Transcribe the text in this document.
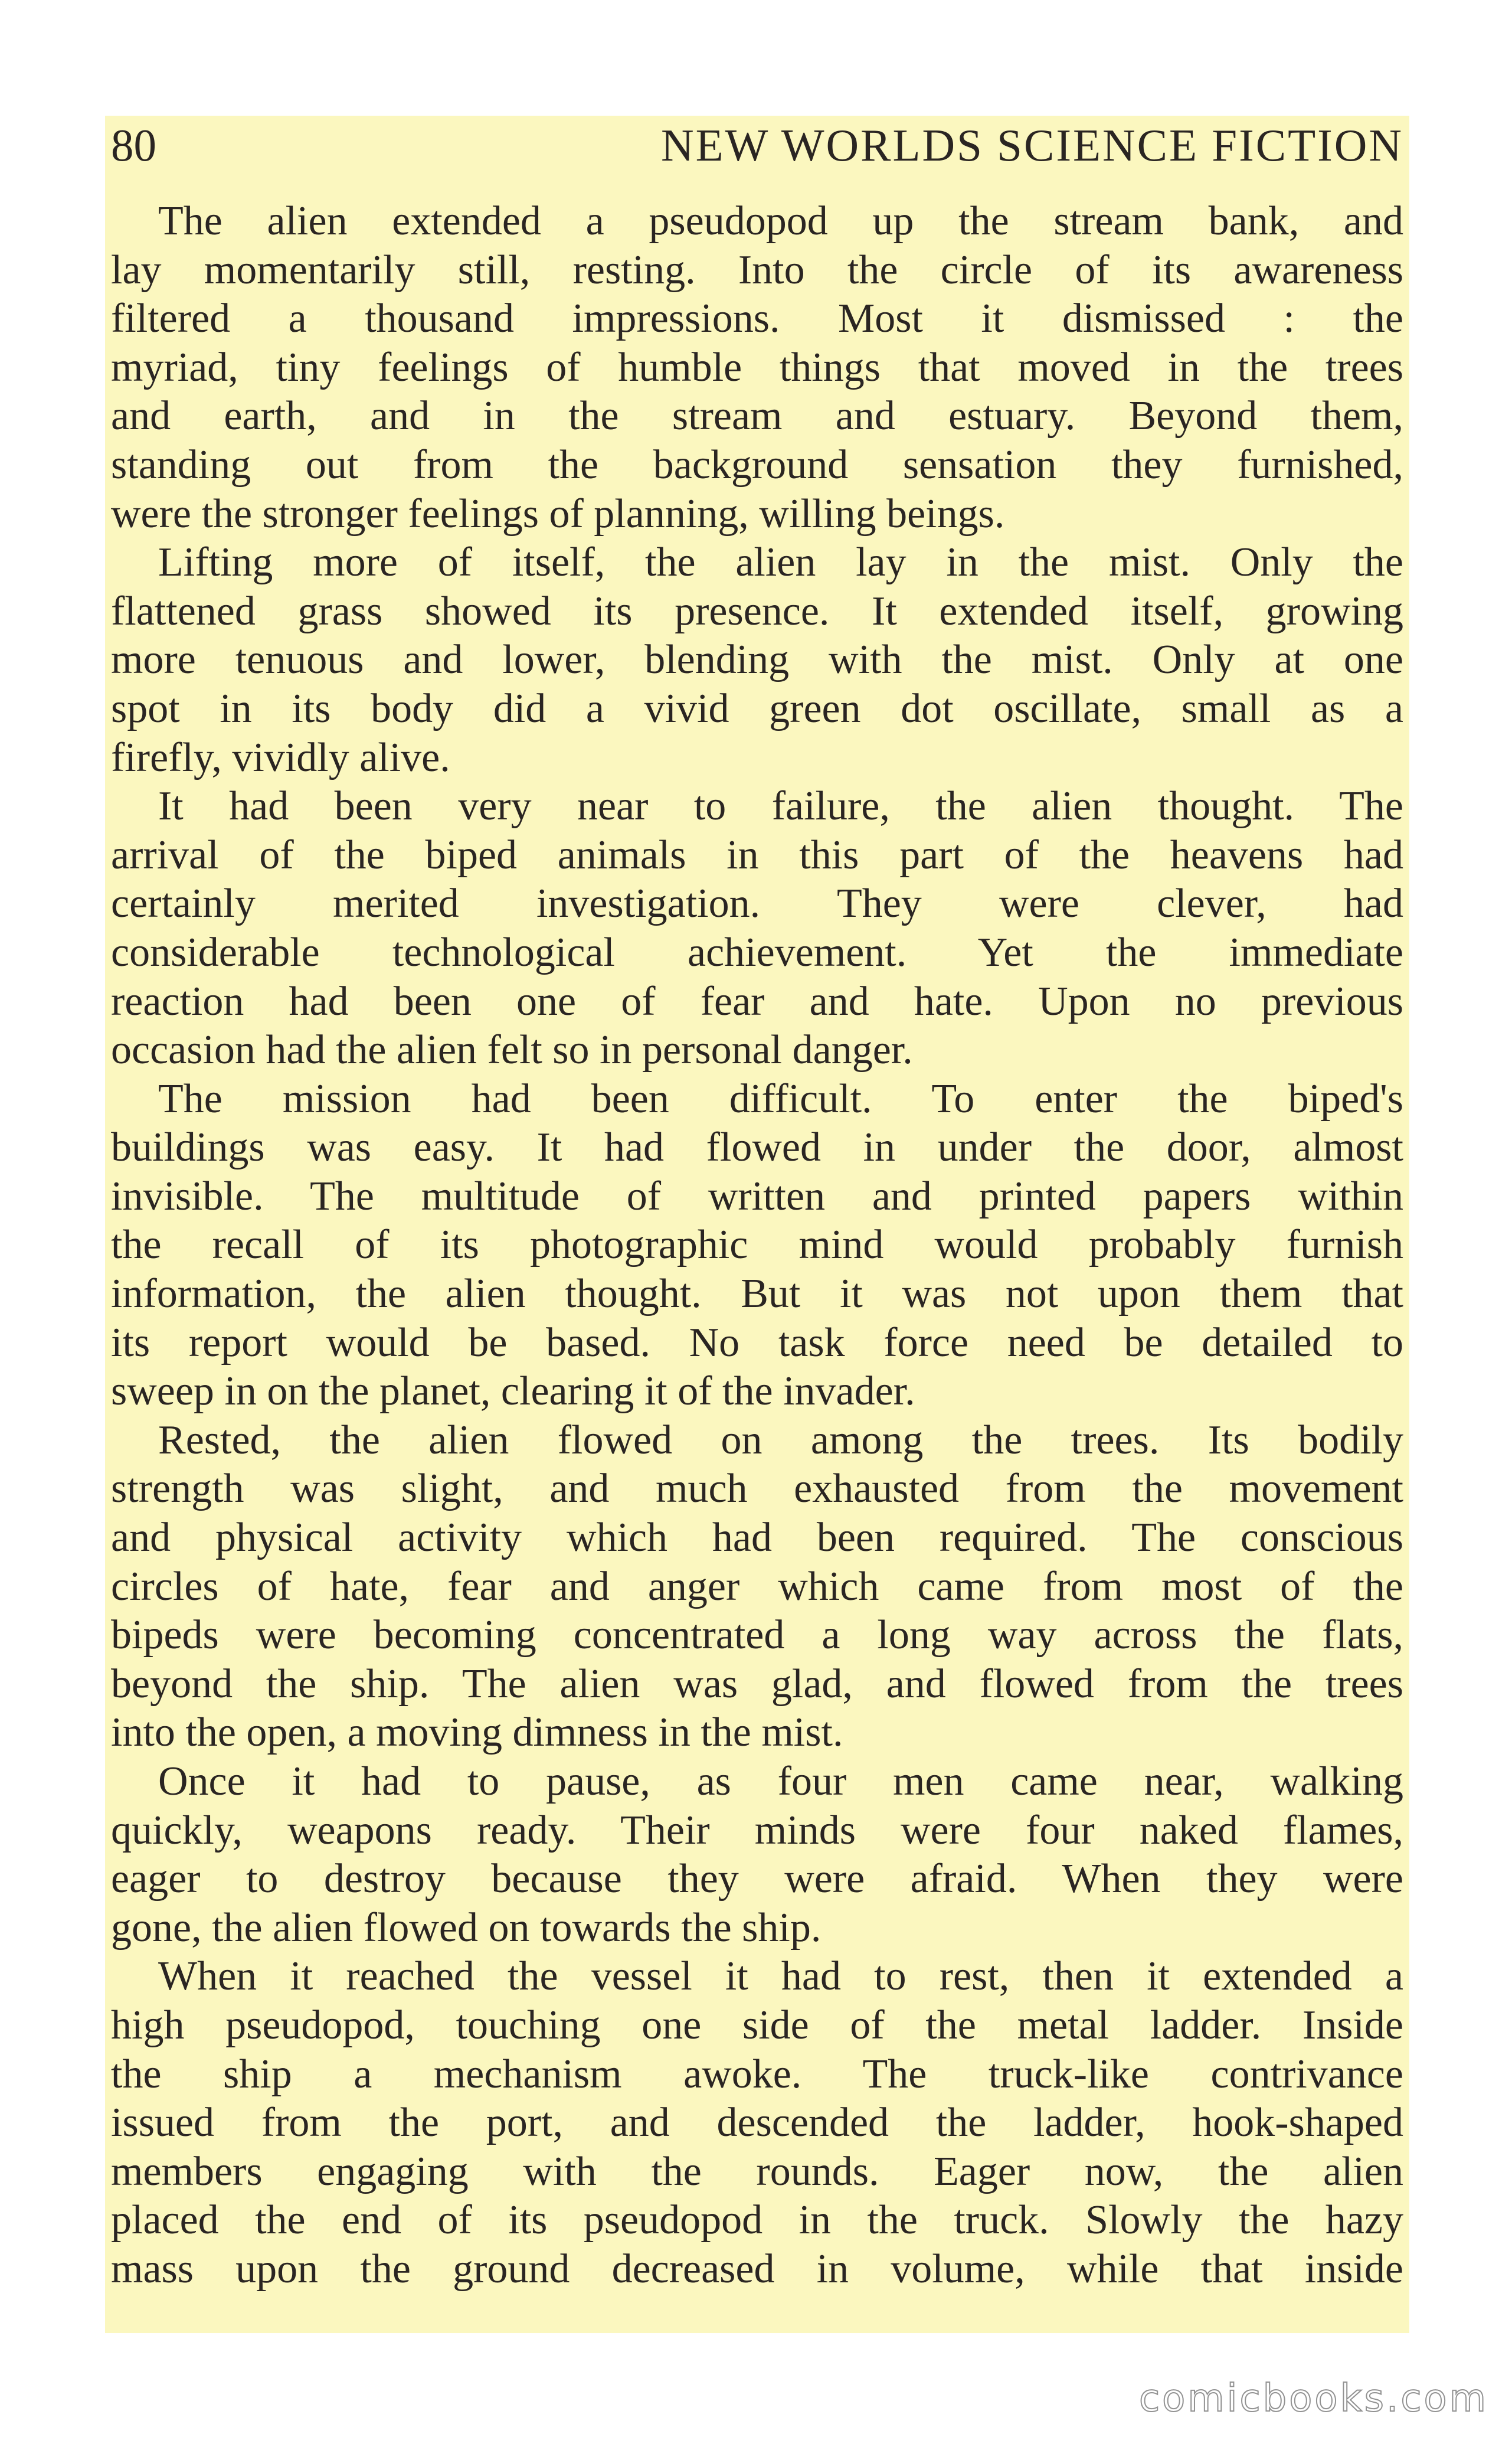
80	NEW WORLDS SCIENCE FICTION
The alien extended a pseudopod up the stream bank, and
lay momentarily still, resting. Into the circle of its awareness
filtered a thousand impressions. Most it dismissed : the
myriad, tiny feelings of humble things that moved in the trees
and earth, and in the stream and estuary. Beyond them,
standing out from the background sensation they furnished,
were the stronger feelings of planning, willing beings.
Lifting more of itself, the alien lay in the mist. Only the
flattened grass showed its presence. It extended itself, growing
more tenuous and lower, blending with the mist. Only at one
spot in its body did a vivid green dot oscillate, small as a
firefly, vividly alive.
It had been very near to failure, the alien thought. The
arrival of the biped animals in this part of the heavens had
certainly merited investigation. They were clever, had
considerable technological achievement. Yet the immediate
reaction had been one of fear and hate. Upon no previous
occasion had the alien felt so in personal danger.
The mission had been difficult. To enter the biped's
buildings was easy. It had flowed in under the door, almost
invisible. The multitude of written and printed papers within
the recall of its photographic mind would probably furnish
information, the alien thought. But it was not upon them that
its report would be based. No task force need be detailed to
sweep in on the planet, clearing it of the invader.
Rested, the alien flowed on among the trees. Its bodily
strength was slight, and much exhausted from the movement
and physical activity which had been required. The conscious
circles of hate, fear and anger which came from most of the
bipeds were becoming concentrated a long way across the flats,
beyond the ship. The alien was glad, and flowed from the trees
into the open, a moving dimness in the mist.
Once it had to pause, as four men came near, walking
quickly, weapons ready. Their minds were four naked flames,
eager to destroy because they were afraid. When they were
gone, the alien flowed on towards the ship.
When it reached the vessel it had to rest, then it extended a
high pseudopod, touching one side of the metal ladder. Inside
the ship a mechanism awoke. The truck-like contrivance
issued from the port, and descended the ladder, hook-shaped
members engaging with the rounds. Eager now, the alien
placed the end of its pseudopod in the truck. Slowly the hazy
mass upon the ground decreased in volume, while that inside
comicbooks.com
